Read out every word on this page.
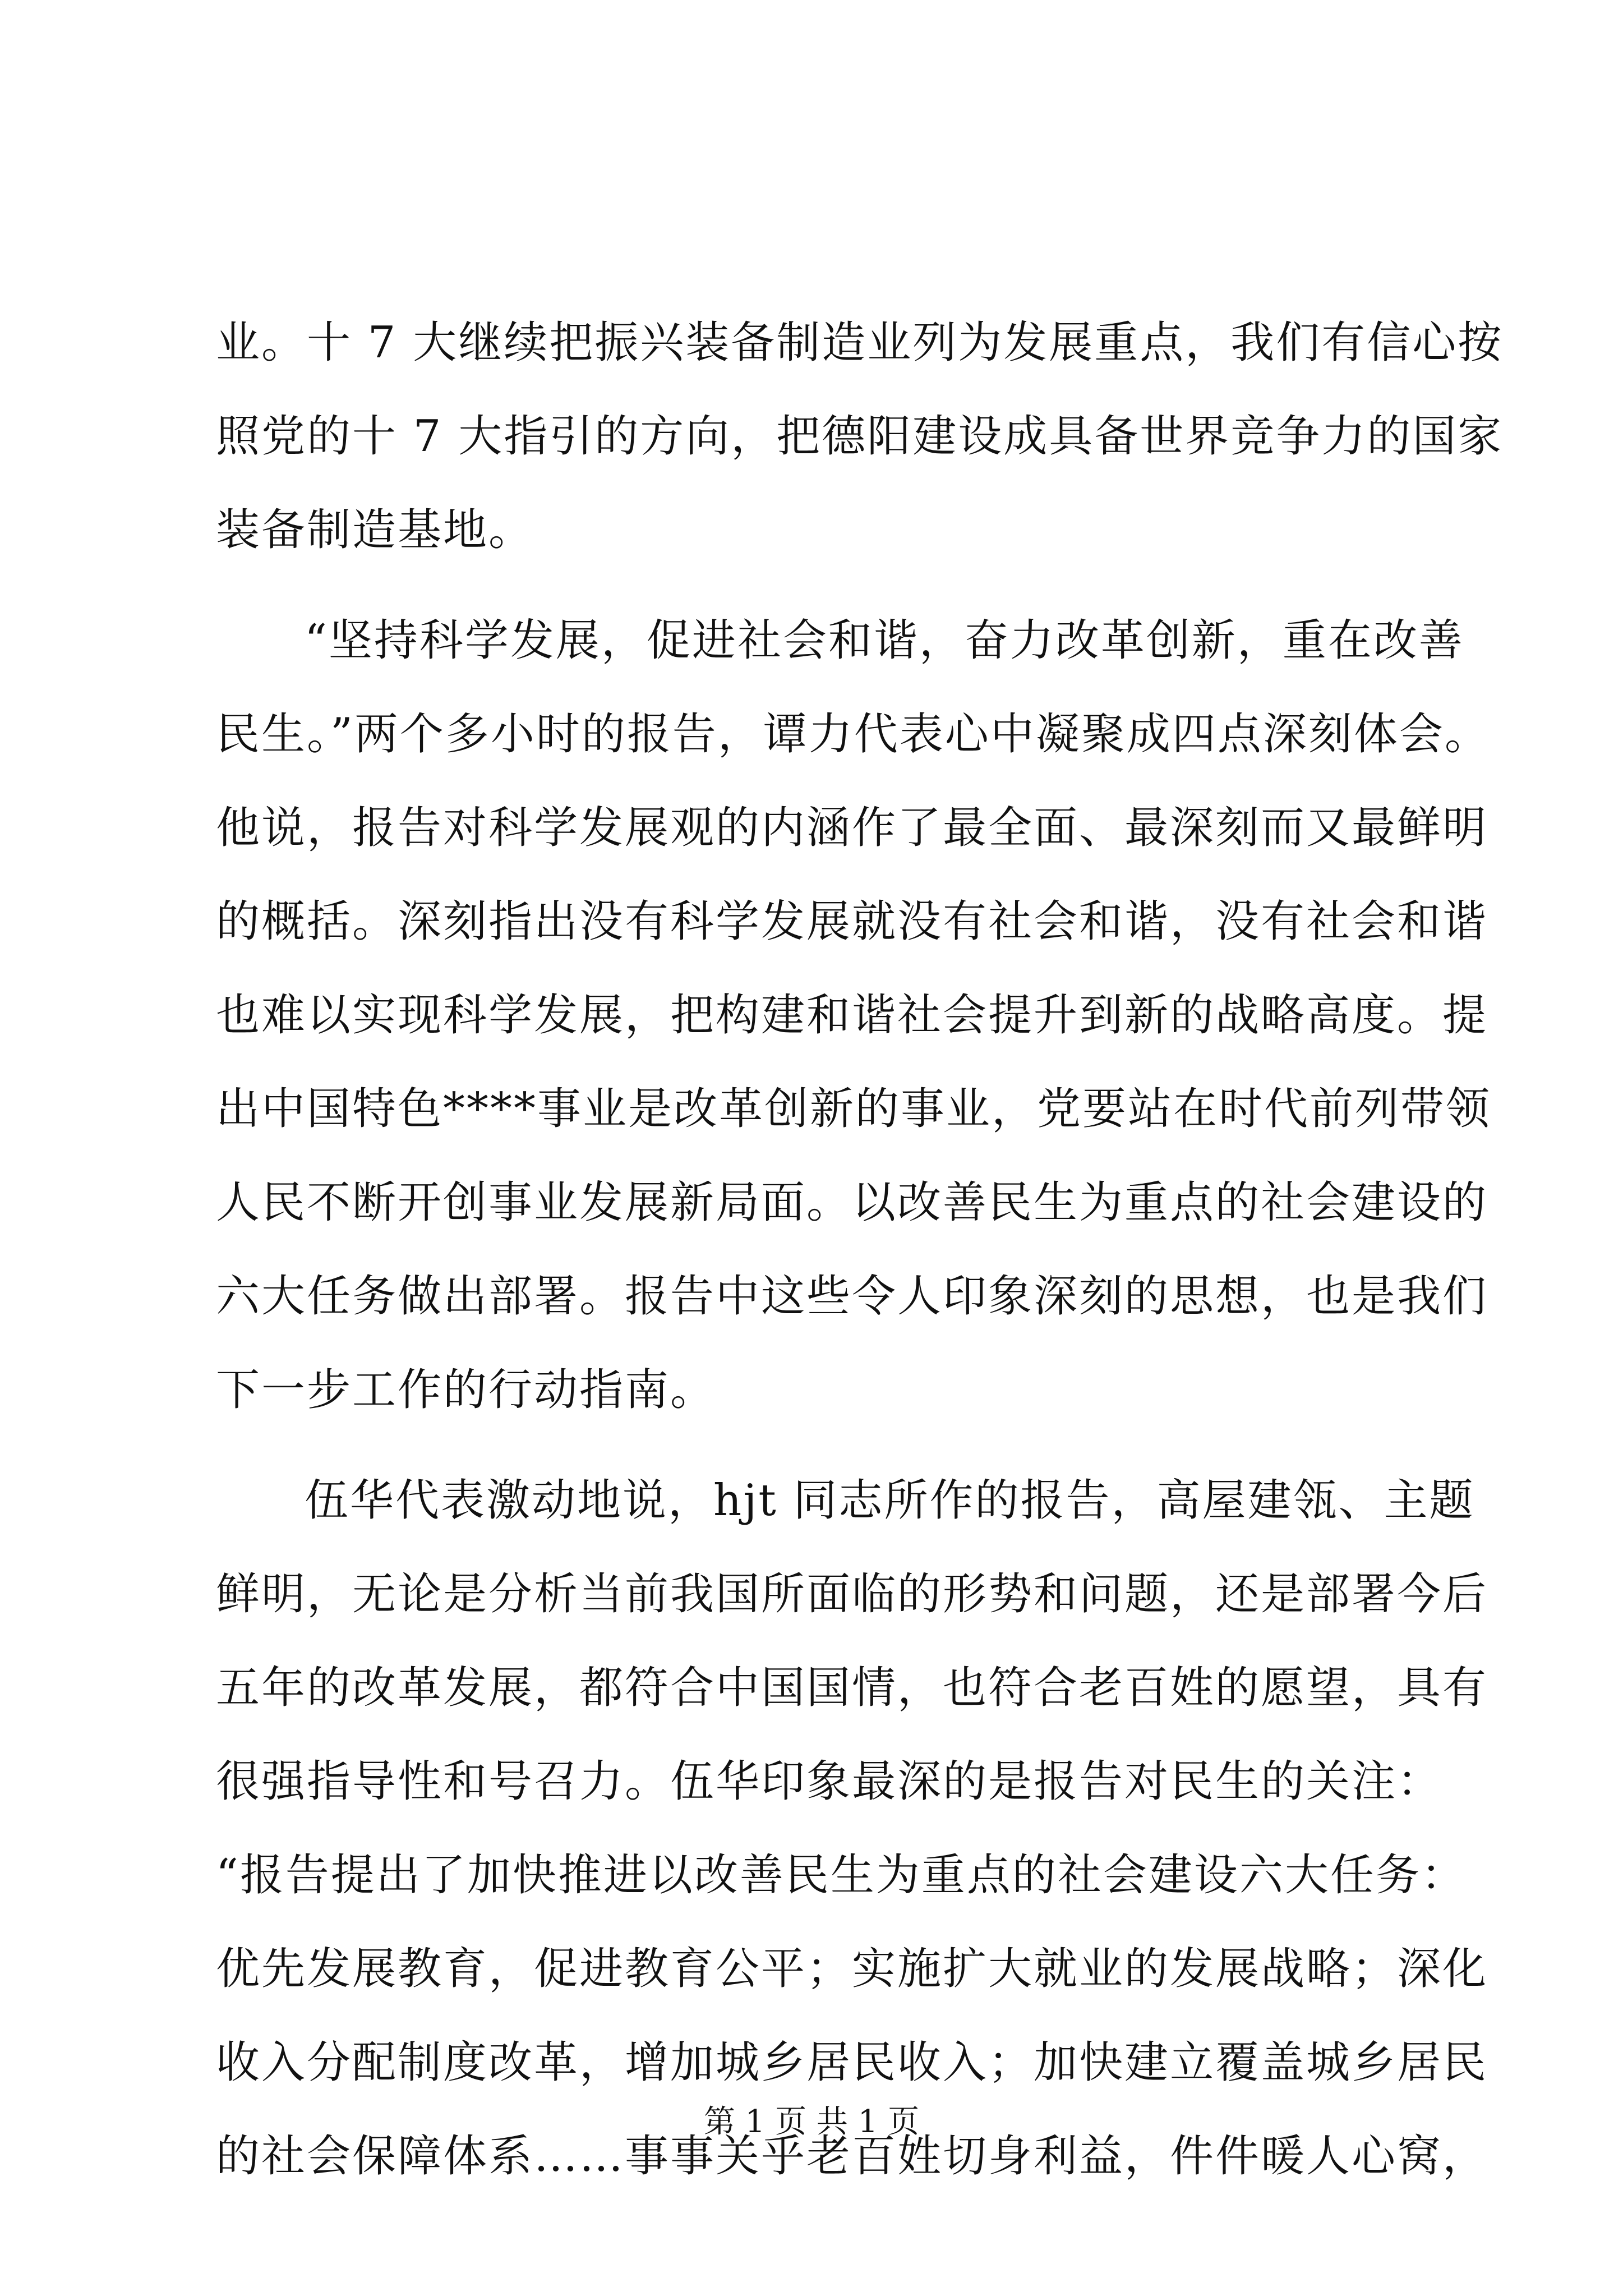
业。十 7 大继续把振兴装备制造业列为发展重点，我们有信心按
照党的十 7 大指引的方向，把德阳建设成具备世界竞争力的国家
装备制造基地。
“坚持科学发展，促进社会和谐，奋力改革创新，重在改善
民生。”两个多小时的报告，谭力代表心中凝聚成四点深刻体会。
他说，报告对科学发展观的内涵作了最全面、最深刻而又最鲜明
的概括。深刻指出没有科学发展就没有社会和谐，没有社会和谐
也难以实现科学发展，把构建和谐社会提升到新的战略高度。提
出中国特色****事业是改革创新的事业，党要站在时代前列带领
人民不断开创事业发展新局面。以改善民生为重点的社会建设的
六大任务做出部署。报告中这些令人印象深刻的思想，也是我们
下一步工作的行动指南。
伍华代表激动地说，hjt 同志所作的报告，高屋建瓴、主题
鲜明，无论是分析当前我国所面临的形势和问题，还是部署今后
五年的改革发展，都符合中国国情，也符合老百姓的愿望，具有
很强指导性和号召力。伍华印象最深的是报告对民生的关注：
“报告提出了加快推进以改善民生为重点的社会建设六大任务：
优先发展教育，促进教育公平；实施扩大就业的发展战略；深化
收入分配制度改革，增加城乡居民收入；加快建立覆盖城乡居民
的社会保障体系……事事关乎老百姓切身利益，件件暖人心窝，
第 1 页 共 1 页
